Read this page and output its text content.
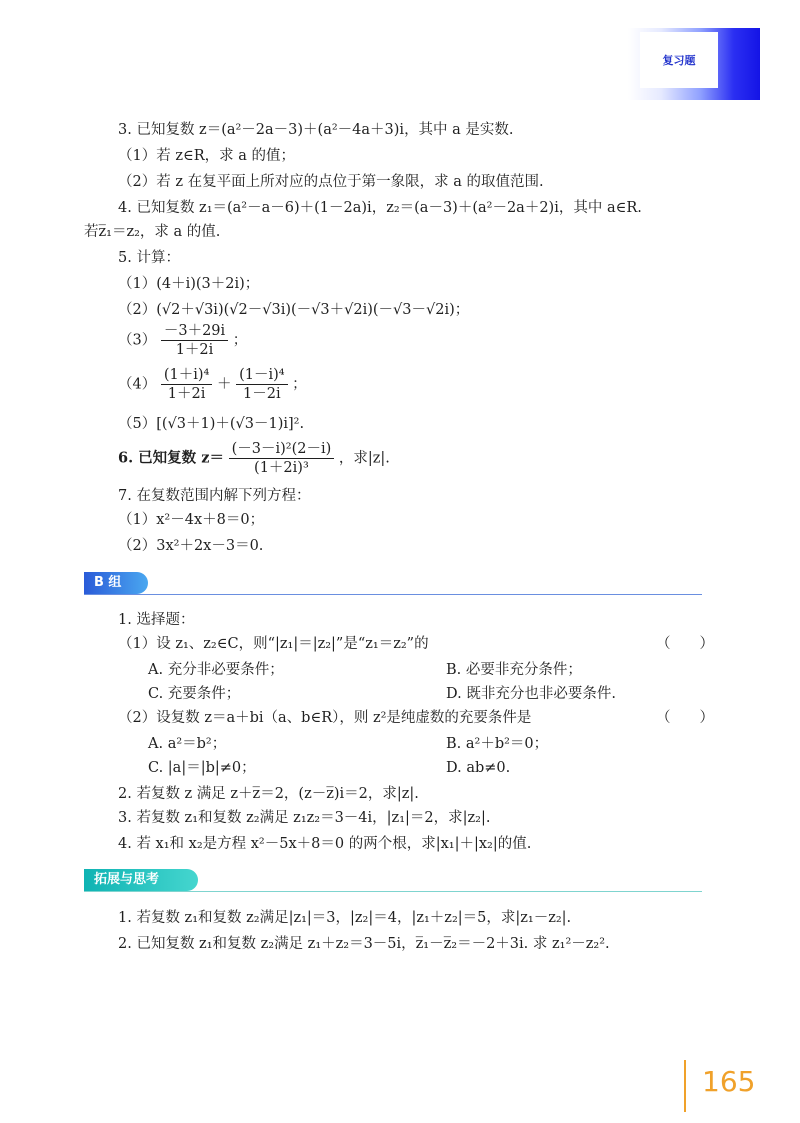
复习题
3. 已知复数 z＝(a²－2a－3)＋(a²－4a＋3)i，其中 a 是实数.
（1）若 z∈R，求 a 的值；
（2）若 z 在复平面上所对应的点位于第一象限，求 a 的取值范围.
4. 已知复数 z₁＝(a²－a－6)＋(1－2a)i，z₂＝(a－3)＋(a²－2a＋2)i，其中 a∈R.
若z̅₁＝z₂，求 a 的值.
5. 计算：
（1）(4＋i)(3＋2i)；
（2）(√2＋√3i)(√2－√3i)(－√3＋√2i)(－√3－√2i)；
$(3) \frac{-3+29i}{1+2i}$ ；
$(4) \frac{\text{(1＋i)⁴}}{1+2i} + \frac{\text{(1－i)⁴}}{1-2i}$ ；
（5）[(√3＋1)＋(√3－1)i]².
6. 已知复数 $z= \frac{\text{(－3－i)²(2－i)}}{\text{(1＋2i)³}}$ ，求|z|.
7. 在复数范围内解下列方程：
（1）x²－4x＋8＝0；
（2）3x²＋2x－3＝0.
B 组
1. 选择题：
（1）设 z₁、z₂∈C，则“|z₁|＝|z₂|”是“z₁＝z₂”的	（　　）
A. 充分非必要条件；	B. 必要非充分条件；
C. 充要条件；	D. 既非充分也非必要条件.
（2）设复数 z＝a＋bi（a、b∈R），则 z²是纯虚数的充要条件是	（　　）
A. a²＝b²；	B. a²＋b²＝0；
C. |a|＝|b|≠0；	D. ab≠0.
2. 若复数 z 满足 z＋z̅＝2，(z－z̅)i＝2，求|z|.
3. 若复数 z₁和复数 z₂满足 z₁z₂＝3－4i，|z₁|＝2，求|z₂|.
4. 若 x₁和 x₂是方程 x²－5x＋8＝0 的两个根，求|x₁|＋|x₂|的值.
拓展与思考
1. 若复数 z₁和复数 z₂满足|z₁|＝3，|z₂|＝4，|z₁＋z₂|＝5，求|z₁－z₂|.
2. 已知复数 z₁和复数 z₂满足 z₁＋z₂＝3－5i，z̅₁－z̅₂＝－2＋3i. 求 z₁²－z₂².
165
